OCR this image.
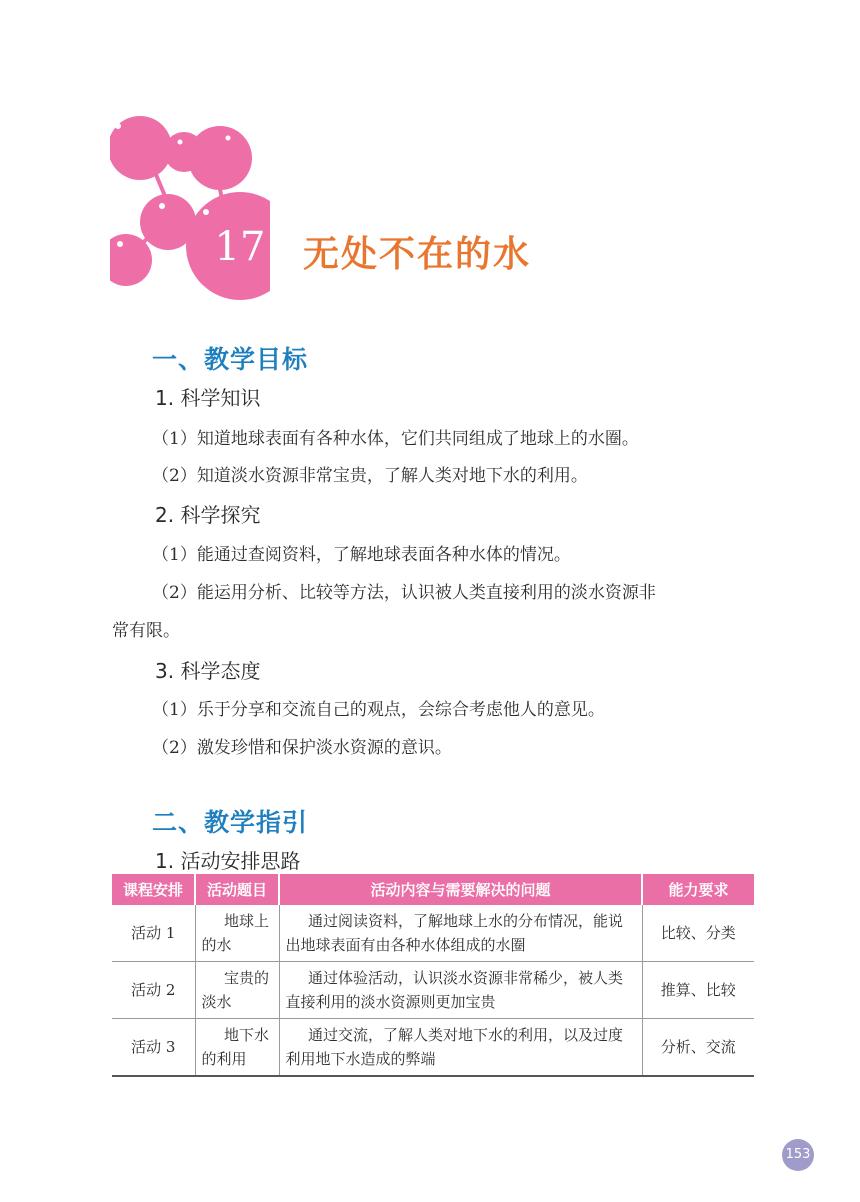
17 无处不在的水
一、教学目标
1. 科学知识
（1）知道地球表面有各种水体，它们共同组成了地球上的水圈。
（2）知道淡水资源非常宝贵，了解人类对地下水的利用。
2. 科学探究
（1）能通过查阅资料，了解地球表面各种水体的情况。
（2）能运用分析、比较等方法，认识被人类直接利用的淡水资源非
常有限。
3. 科学态度
（1）乐于分享和交流自己的观点，会综合考虑他人的意见。
（2）激发珍惜和保护淡水资源的意识。
二、教学指引
1. 活动安排思路
课程安排	活动题目	活动内容与需要解决的问题	能力要求
活动 1	地球上的水	通过阅读资料，了解地球上水的分布情况，能说出地球表面有由各种水体组成的水圈	比较、分类
活动 2	宝贵的淡水	通过体验活动，认识淡水资源非常稀少，被人类直接利用的淡水资源则更加宝贵	推算、比较
活动 3	地下水的利用	通过交流，了解人类对地下水的利用，以及过度利用地下水造成的弊端	分析、交流
153
